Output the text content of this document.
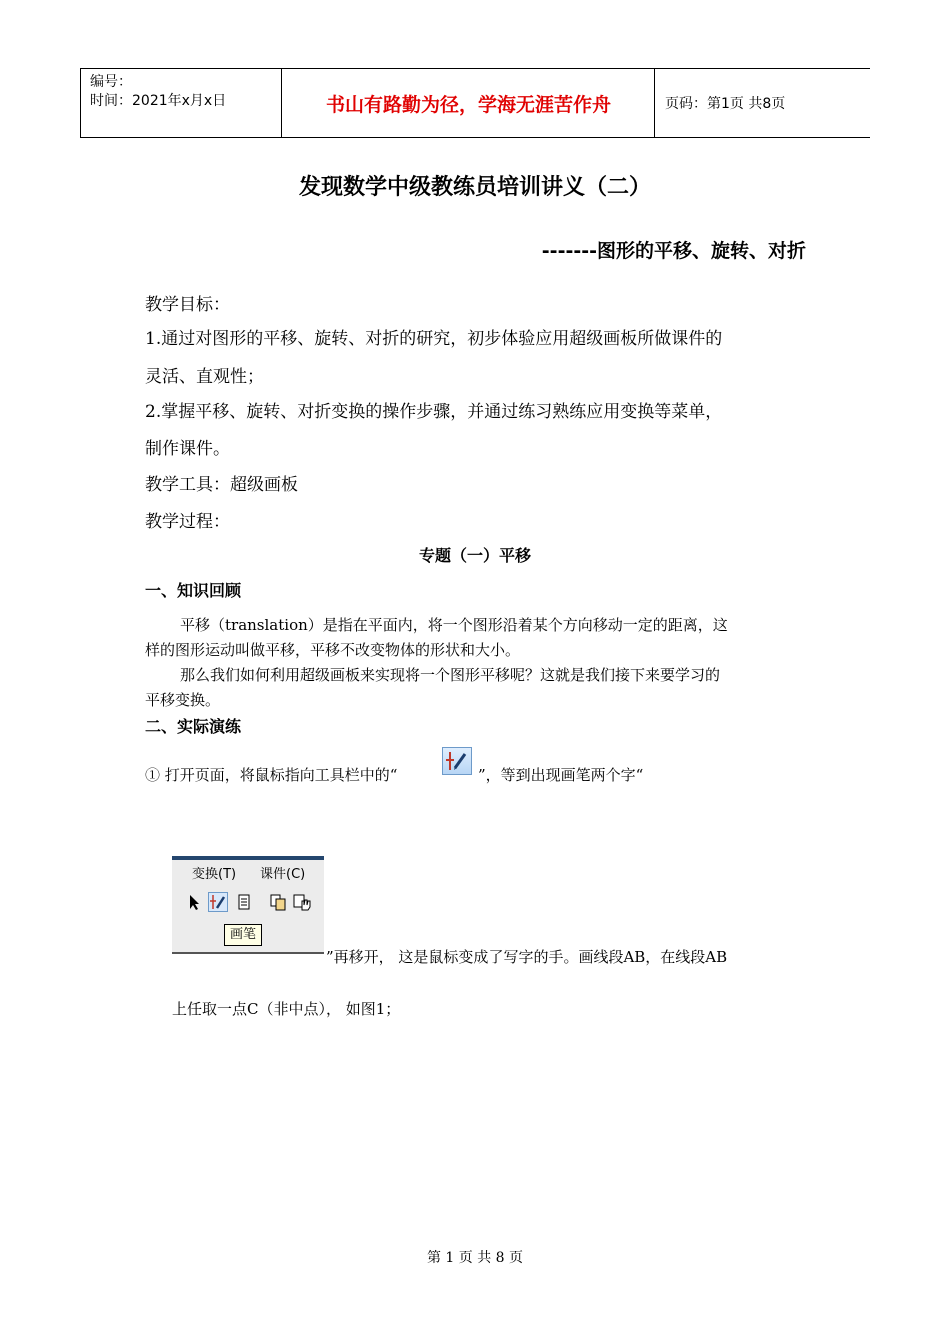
编号：
时间：2021年x月x日	书山有路勤为径，学海无涯苦作舟	页码：第1页 共8页
发现数学中级教练员培训讲义（二）
-------图形的平移、旋转、对折
教学目标：
1.通过对图形的平移、旋转、对折的研究，初步体验应用超级画板所做课件的
灵活、直观性；
2.掌握平移、旋转、对折变换的操作步骤，并通过练习熟练应用变换等菜单，
制作课件。
教学工具：超级画板
教学过程：
专题（一）平移
一、知识回顾
平移（translation）是指在平面内，将一个图形沿着某个方向移动一定的距离，这
样的图形运动叫做平移，平移不改变物体的形状和大小。
那么我们如何利用超级画板来实现将一个图形平移呢？这就是我们接下来要学习的
平移变换。
二、实际演练
① 打开页面，将鼠标指向工具栏中的“	”，等到出现画笔两个字“
变换(T) 课件(C)
画笔
”再移开， 这是鼠标变成了写字的手。画线段AB，在线段AB
上任取一点C（非中点）， 如图1；
第 1 页 共 8 页
